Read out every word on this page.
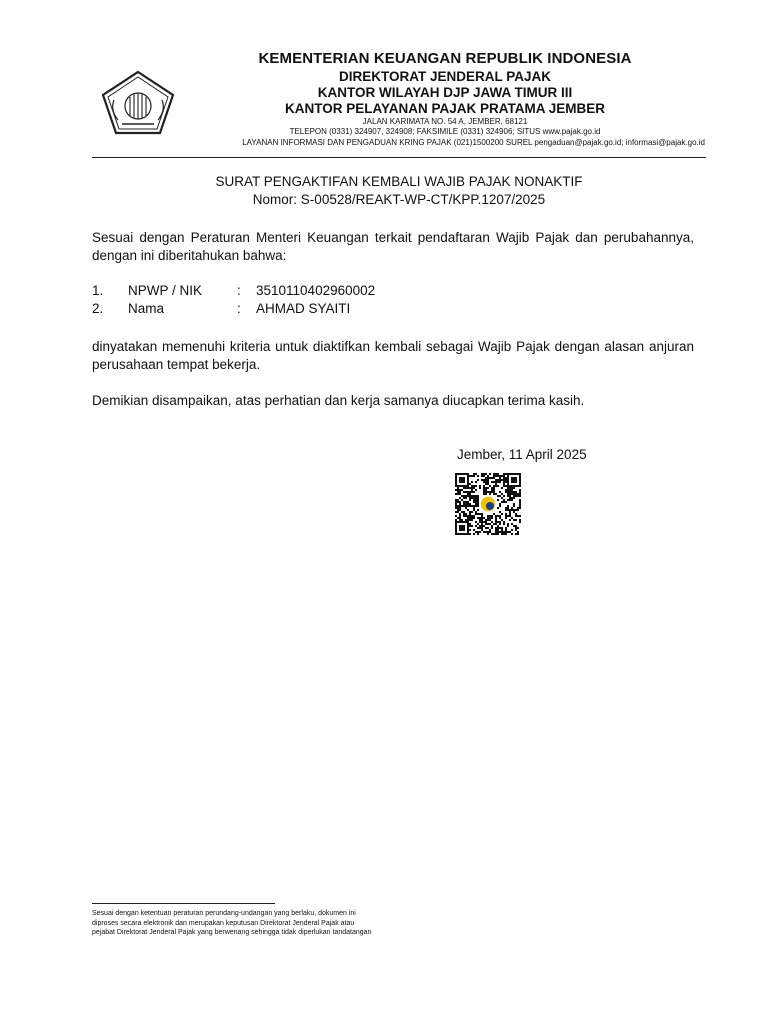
KEMENTERIAN KEUANGAN REPUBLIK INDONESIA
DIREKTORAT JENDERAL PAJAK
KANTOR WILAYAH DJP JAWA TIMUR III
KANTOR PELAYANAN PAJAK PRATAMA JEMBER
JALAN KARIMATA NO. 54 A, JEMBER, 68121
TELEPON (0331) 324907, 324908; FAKSIMILE (0331) 324906; SITUS www.pajak.go.id
LAYANAN INFORMASI DAN PENGADUAN KRING PAJAK (021)1500200 SUREL pengaduan@pajak.go.id; informasi@pajak.go.id
SURAT PENGAKTIFAN KEMBALI WAJIB PAJAK NONAKTIF
Nomor: S-00528/REAKT-WP-CT/KPP.1207/2025
Sesuai dengan Peraturan Menteri Keuangan terkait pendaftaran Wajib Pajak dan perubahannya, dengan ini diberitahukan bahwa:
1. NPWP / NIK	: 3510110402960002
2. Nama	: AHMAD SYAITI
dinyatakan memenuhi kriteria untuk diaktifkan kembali sebagai Wajib Pajak dengan alasan anjuran perusahaan tempat bekerja.
Demikian disampaikan, atas perhatian dan kerja samanya diucapkan terima kasih.
Jember, 11 April 2025
Sesuai dengan ketentuan peraturan perundang-undangan yang berlaku, dokumen ini
diproses secara elektronik dan merupakan keputusan Direktorat Jenderal Pajak atau
pejabat Direktorat Jenderal Pajak yang berwenang sehingga tidak diperlukan tandatangan
